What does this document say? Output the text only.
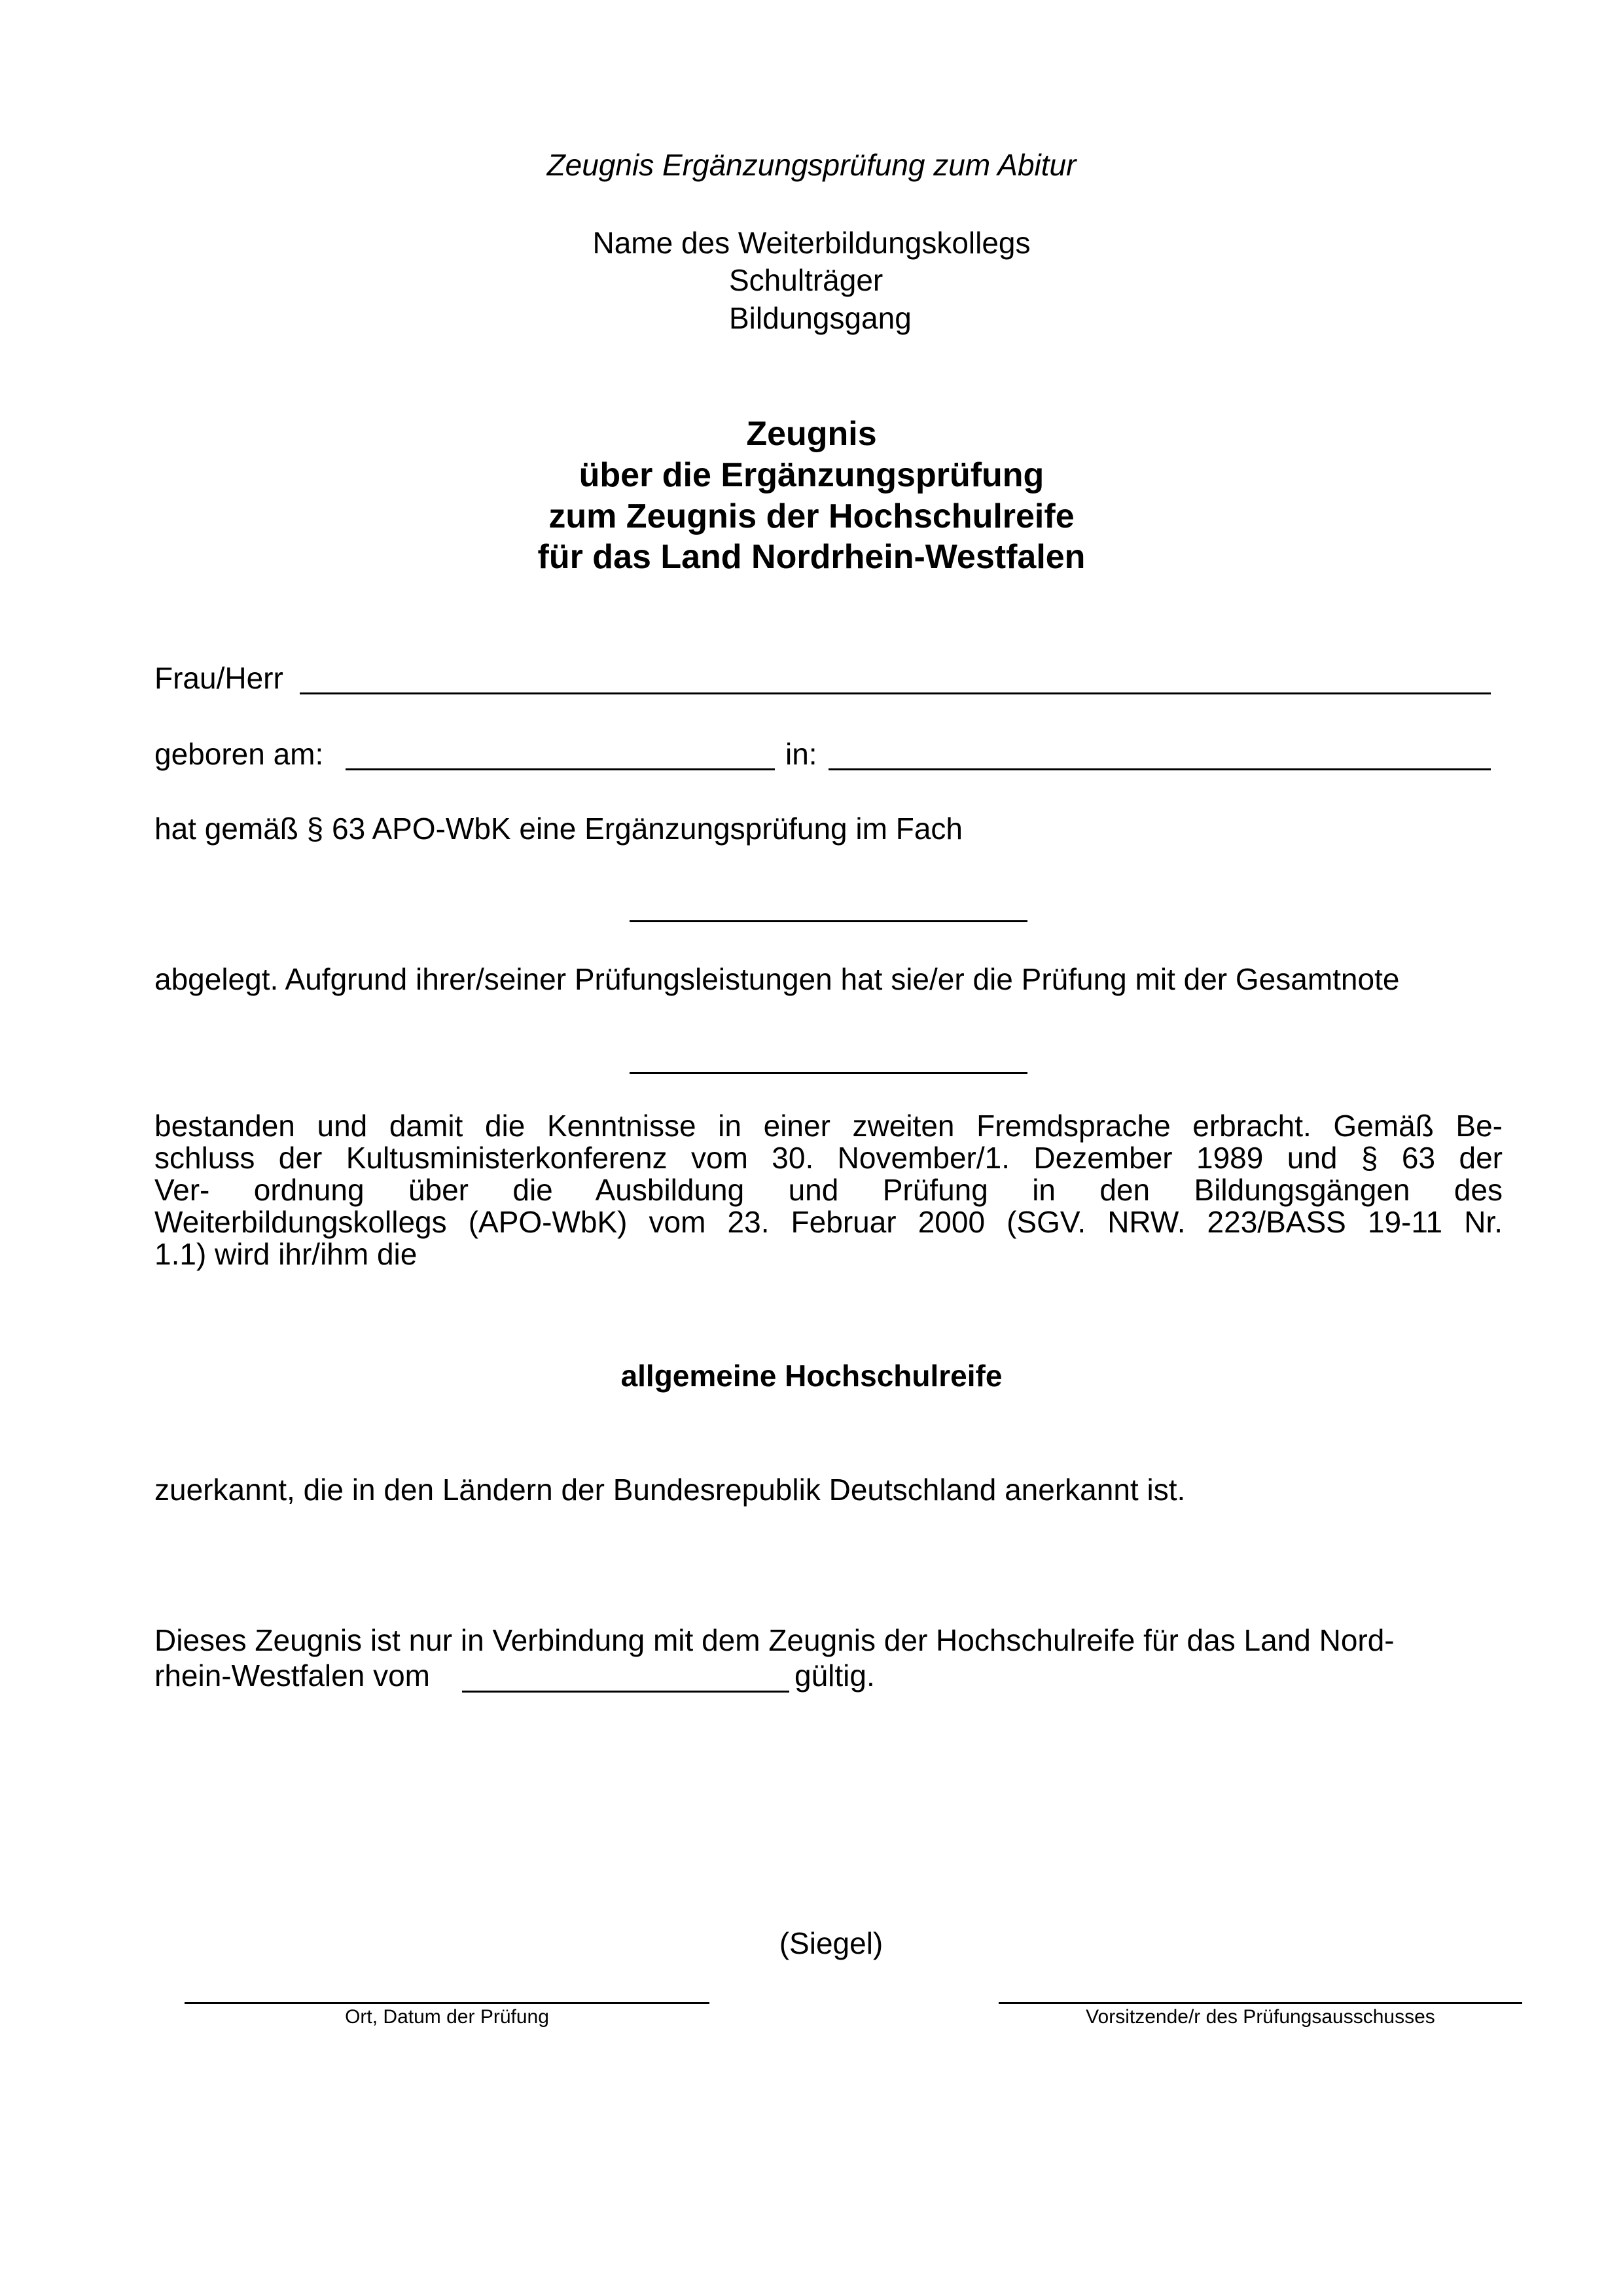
Zeugnis Ergänzungsprüfung zum Abitur
Name des Weiterbildungskollegs
Schulträger
Bildungsgang
Zeugnis
über die Ergänzungsprüfung
zum Zeugnis der Hochschulreife
für das Land Nordrhein-Westfalen
Frau/Herr
geboren am:	in:
hat gemäß § 63 APO-WbK eine Ergänzungsprüfung im Fach
abgelegt. Aufgrund ihrer/seiner Prüfungsleistungen hat sie/er die Prüfung mit der Gesamtnote
bestanden und damit die Kenntnisse in einer zweiten Fremdsprache erbracht. Gemäß Be-
schluss der Kultusministerkonferenz vom 30. November/1. Dezember 1989 und § 63 der
Ver- ordnung über die Ausbildung und Prüfung in den Bildungsgängen des
Weiterbildungskollegs (APO-WbK) vom 23. Februar 2000 (SGV. NRW. 223/BASS 19-11 Nr.
1.1) wird ihr/ihm die
allgemeine Hochschulreife
zuerkannt, die in den Ländern der Bundesrepublik Deutschland anerkannt ist.
Dieses Zeugnis ist nur in Verbindung mit dem Zeugnis der Hochschulreife für das Land Nord-
rhein-Westfalen vom	gültig.
(Siegel)
Ort, Datum der Prüfung	Vorsitzende/r des Prüfungsausschusses
